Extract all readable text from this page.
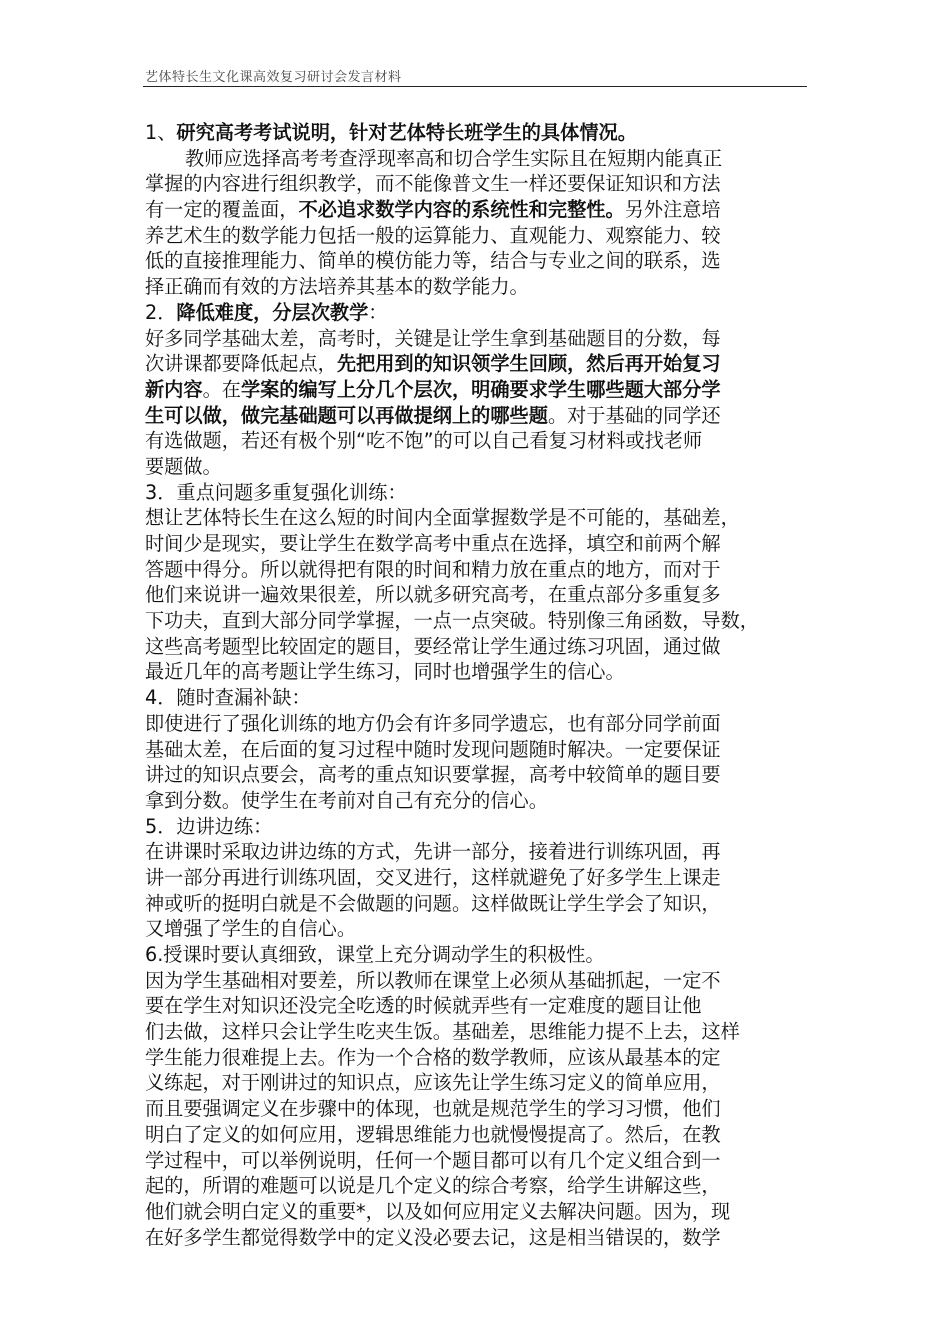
艺体特长生文化课高效复习研讨会发言材料
1、研究高考考试说明，针对艺体特长班学生的具体情况。
教师应选择高考考查浮现率高和切合学生实际且在短期内能真正
掌握的内容进行组织教学，而不能像普文生一样还要保证知识和方法
有一定的覆盖面，不必追求数学内容的系统性和完整性。另外注意培
养艺术生的数学能力包括一般的运算能力、直观能力、观察能力、较
低的直接推理能力、简单的模仿能力等，结合与专业之间的联系，选
择正确而有效的方法培养其基本的数学能力。
2．降低难度，分层次教学：
好多同学基础太差，高考时，关键是让学生拿到基础题目的分数，每
次讲课都要降低起点，先把用到的知识领学生回顾，然后再开始复习
新内容。在学案的编写上分几个层次，明确要求学生哪些题大部分学
生可以做，做完基础题可以再做提纲上的哪些题。对于基础的同学还
有选做题，若还有极个别“吃不饱”的可以自己看复习材料或找老师
要题做。
3．重点问题多重复强化训练：
想让艺体特长生在这么短的时间内全面掌握数学是不可能的，基础差，
时间少是现实，要让学生在数学高考中重点在选择，填空和前两个解
答题中得分。所以就得把有限的时间和精力放在重点的地方，而对于
他们来说讲一遍效果很差，所以就多研究高考，在重点部分多重复多
下功夫，直到大部分同学掌握，一点一点突破。特别像三角函数，导数，
这些高考题型比较固定的题目，要经常让学生通过练习巩固，通过做
最近几年的高考题让学生练习，同时也增强学生的信心。
4．随时查漏补缺：
即使进行了强化训练的地方仍会有许多同学遗忘，也有部分同学前面
基础太差，在后面的复习过程中随时发现问题随时解决。一定要保证
讲过的知识点要会，高考的重点知识要掌握，高考中较简单的题目要
拿到分数。使学生在考前对自己有充分的信心。
5．边讲边练：
在讲课时采取边讲边练的方式，先讲一部分，接着进行训练巩固，再
讲一部分再进行训练巩固，交叉进行，这样就避免了好多学生上课走
神或听的挺明白就是不会做题的问题。这样做既让学生学会了知识，
又增强了学生的自信心。
6.授课时要认真细致，课堂上充分调动学生的积极性。
因为学生基础相对要差，所以教师在课堂上必须从基础抓起，一定不
要在学生对知识还没完全吃透的时候就弄些有一定难度的题目让他
们去做，这样只会让学生吃夹生饭。基础差，思维能力提不上去，这样
学生能力很难提上去。作为一个合格的数学教师，应该从最基本的定
义练起，对于刚讲过的知识点，应该先让学生练习定义的简单应用，
而且要强调定义在步骤中的体现，也就是规范学生的学习习惯，他们
明白了定义的如何应用，逻辑思维能力也就慢慢提高了。然后，在教
学过程中，可以举例说明，任何一个题目都可以有几个定义组合到一
起的，所谓的难题可以说是几个定义的综合考察，给学生讲解这些，
他们就会明白定义的重要*，以及如何应用定义去解决问题。因为，现
在好多学生都觉得数学中的定义没必要去记，这是相当错误的，数学
